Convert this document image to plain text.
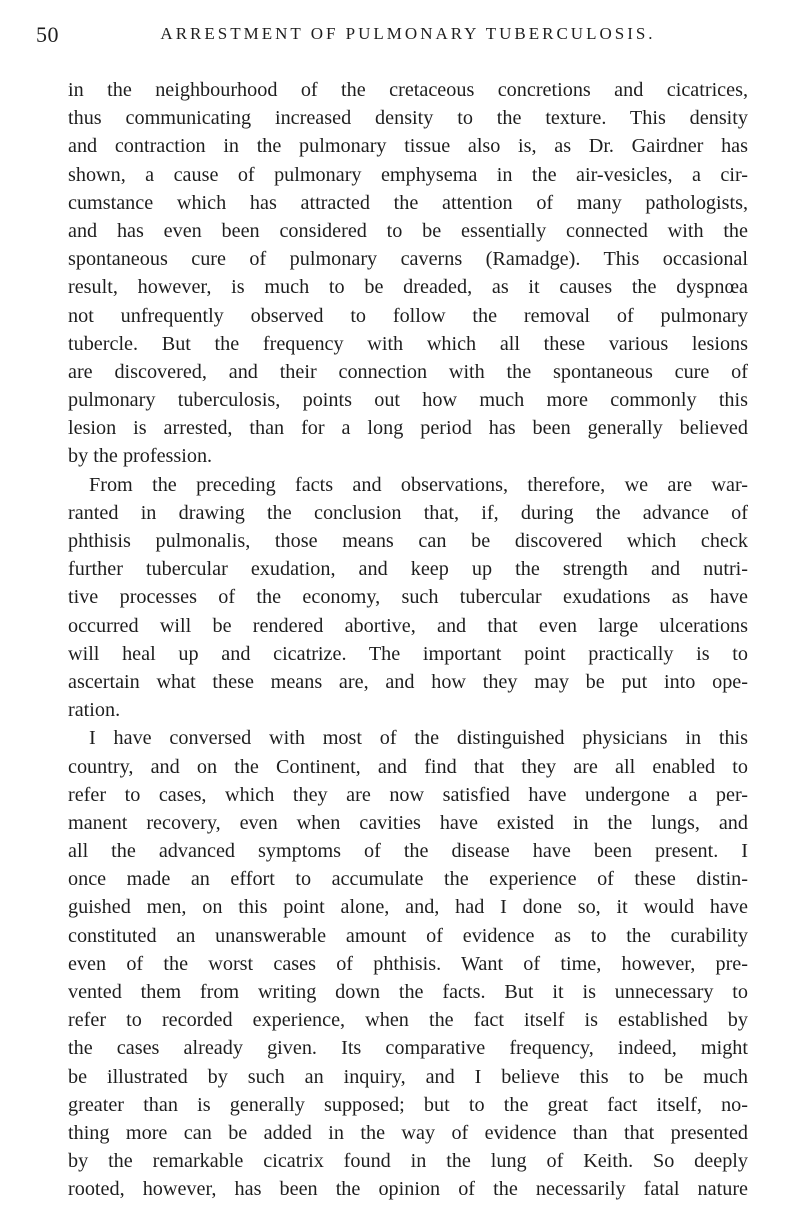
50	ARRESTMENT OF PULMONARY TUBERCULOSIS.
in the neighbourhood of the cretaceous concretions and cicatrices,
thus communicating increased density to the texture. This density
and contraction in the pulmonary tissue also is, as Dr. Gairdner has
shown, a cause of pulmonary emphysema in the air-vesicles, a cir-
cumstance which has attracted the attention of many pathologists,
and has even been considered to be essentially connected with the
spontaneous cure of pulmonary caverns (Ramadge). This occasional
result, however, is much to be dreaded, as it causes the dyspnœa
not unfrequently observed to follow the removal of pulmonary
tubercle. But the frequency with which all these various lesions
are discovered, and their connection with the spontaneous cure of
pulmonary tuberculosis, points out how much more commonly this
lesion is arrested, than for a long period has been generally believed
by the profession.
From the preceding facts and observations, therefore, we are war-
ranted in drawing the conclusion that, if, during the advance of
phthisis pulmonalis, those means can be discovered which check
further tubercular exudation, and keep up the strength and nutri-
tive processes of the economy, such tubercular exudations as have
occurred will be rendered abortive, and that even large ulcerations
will heal up and cicatrize. The important point practically is to
ascertain what these means are, and how they may be put into ope-
ration.
I have conversed with most of the distinguished physicians in this
country, and on the Continent, and find that they are all enabled to
refer to cases, which they are now satisfied have undergone a per-
manent recovery, even when cavities have existed in the lungs, and
all the advanced symptoms of the disease have been present. I
once made an effort to accumulate the experience of these distin-
guished men, on this point alone, and, had I done so, it would have
constituted an unanswerable amount of evidence as to the curability
even of the worst cases of phthisis. Want of time, however, pre-
vented them from writing down the facts. But it is unnecessary to
refer to recorded experience, when the fact itself is established by
the cases already given. Its comparative frequency, indeed, might
be illustrated by such an inquiry, and I believe this to be much
greater than is generally supposed; but to the great fact itself, no-
thing more can be added in the way of evidence than that presented
by the remarkable cicatrix found in the lung of Keith. So deeply
rooted, however, has been the opinion of the necessarily fatal nature
